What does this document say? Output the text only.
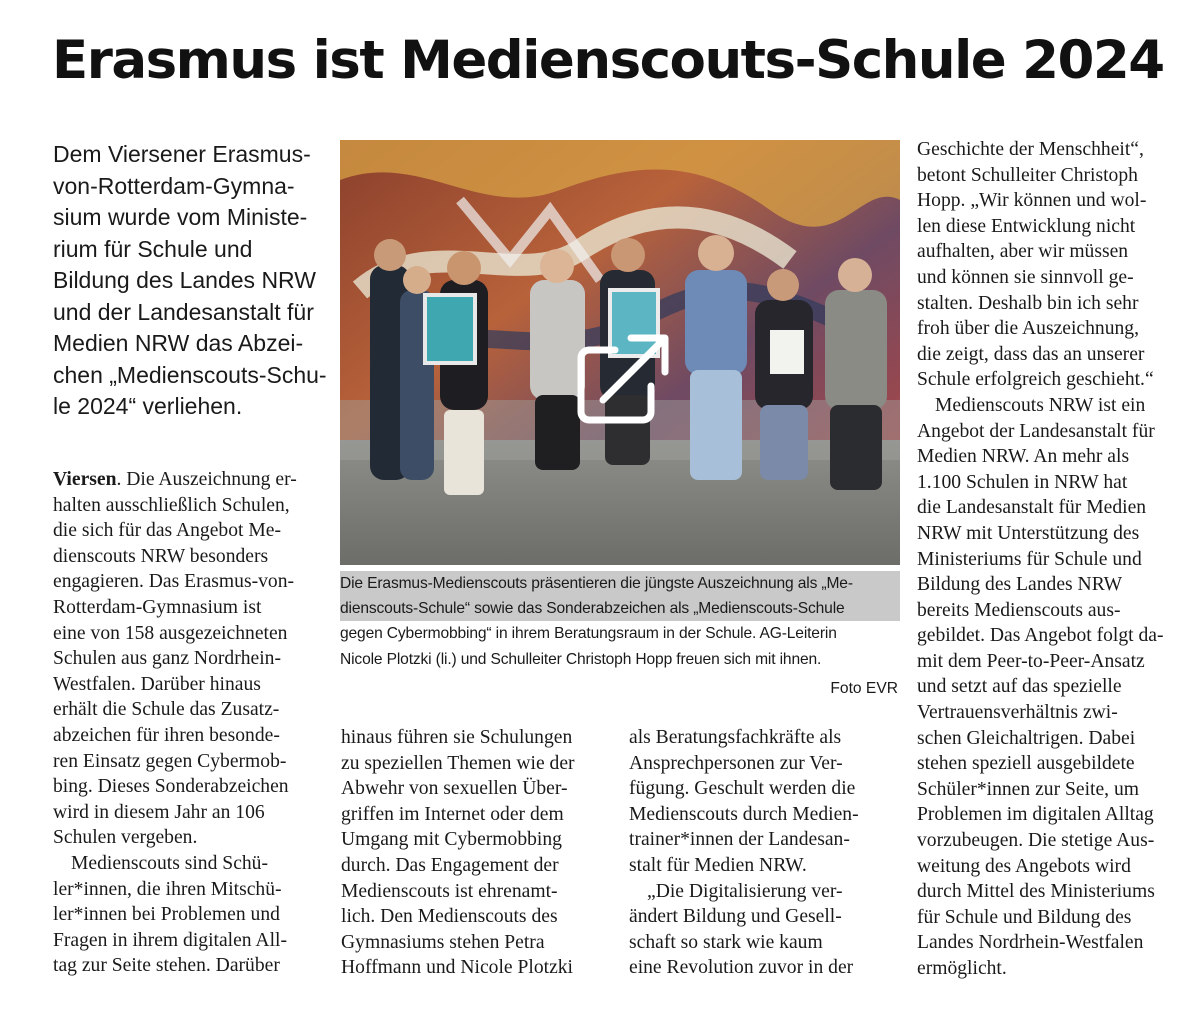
Erasmus ist Medienscouts-Schule 2024
Dem Viersener Erasmus-
von-Rotterdam-Gymna-
sium wurde vom Ministe-
rium für Schule und
Bildung des Landes NRW
und der Landesanstalt für
Medien NRW das Abzei-
chen „Medienscouts-Schu-
le 2024“ verliehen.
Viersen. Die Auszeichnung er-
halten ausschließlich Schulen,
die sich für das Angebot Me-
dienscouts NRW besonders
engagieren. Das Erasmus-von-
Rotterdam-Gymnasium ist
eine von 158 ausgezeichneten
Schulen aus ganz Nordrhein-
Westfalen. Darüber hinaus
erhält die Schule das Zusatz-
abzeichen für ihren besonde-
ren Einsatz gegen Cybermob-
bing. Dieses Sonderabzeichen
wird in diesem Jahr an 106
Schulen vergeben.
Medienscouts sind Schü-
ler*innen, die ihren Mitschü-
ler*innen bei Problemen und
Fragen in ihrem digitalen All-
tag zur Seite stehen. Darüber
Die Erasmus-Medienscouts präsentieren die jüngste Auszeichnung als „Me-
dienscouts-Schule“ sowie das Sonderabzeichen als „Medienscouts-Schule
gegen Cybermobbing“ in ihrem Beratungsraum in der Schule. AG-Leiterin
Nicole Plotzki (li.) und Schulleiter Christoph Hopp freuen sich mit ihnen.
Foto EVR
hinaus führen sie Schulungen
zu speziellen Themen wie der
Abwehr von sexuellen Über-
griffen im Internet oder dem
Umgang mit Cybermobbing
durch. Das Engagement der
Medienscouts ist ehrenamt-
lich. Den Medienscouts des
Gymnasiums stehen Petra
Hoffmann und Nicole Plotzki
als Beratungsfachkräfte als
Ansprechpersonen zur Ver-
fügung. Geschult werden die
Medienscouts durch Medien-
trainer*innen der Landesan-
stalt für Medien NRW.
„Die Digitalisierung ver-
ändert Bildung und Gesell-
schaft so stark wie kaum
eine Revolution zuvor in der
Geschichte der Menschheit“,
betont Schulleiter Christoph
Hopp. „Wir können und wol-
len diese Entwicklung nicht
aufhalten, aber wir müssen
und können sie sinnvoll ge-
stalten. Deshalb bin ich sehr
froh über die Auszeichnung,
die zeigt, dass das an unserer
Schule erfolgreich geschieht.“
Medienscouts NRW ist ein
Angebot der Landesanstalt für
Medien NRW. An mehr als
1.100 Schulen in NRW hat
die Landesanstalt für Medien
NRW mit Unterstützung des
Ministeriums für Schule und
Bildung des Landes NRW
bereits Medienscouts aus-
gebildet. Das Angebot folgt da-
mit dem Peer-to-Peer-Ansatz
und setzt auf das spezielle
Vertrauensverhältnis zwi-
schen Gleichaltrigen. Dabei
stehen speziell ausgebildete
Schüler*innen zur Seite, um
Problemen im digitalen Alltag
vorzubeugen. Die stetige Aus-
weitung des Angebots wird
durch Mittel des Ministeriums
für Schule und Bildung des
Landes Nordrhein-Westfalen
ermöglicht.
